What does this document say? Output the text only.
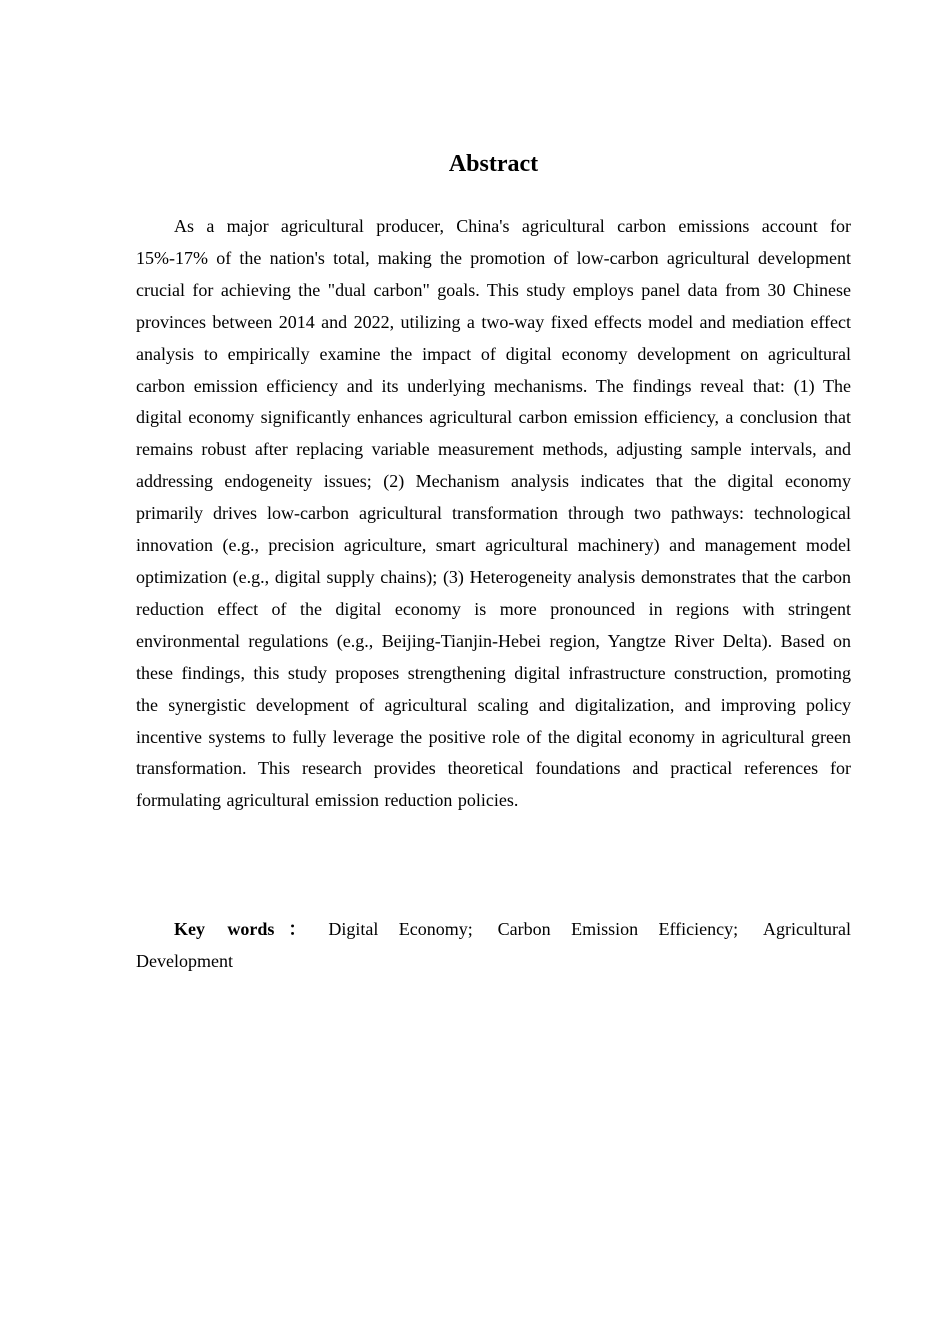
Abstract

As a major agricultural producer, China's agricultural carbon emissions account for 15%-17% of the nation's total, making the promotion of low-carbon agricultural development crucial for achieving the "dual carbon" goals. This study employs panel data from 30 Chinese provinces between 2014 and 2022, utilizing a two-way fixed effects model and mediation effect analysis to empirically examine the impact of digital economy development on agricultural carbon emission efficiency and its underlying mechanisms. The findings reveal that: (1) The digital economy significantly enhances agricultural carbon emission efficiency, a conclusion that remains robust after replacing variable measurement methods, adjusting sample intervals, and addressing endogeneity issues; (2) Mechanism analysis indicates that the digital economy primarily drives low-carbon agricultural transformation through two pathways: technological innovation (e.g., precision agriculture, smart agricultural machinery) and management model optimization (e.g., digital supply chains); (3) Heterogeneity analysis demonstrates that the carbon reduction effect of the digital economy is more pronounced in regions with stringent environmental regulations (e.g., Beijing-Tianjin-Hebei region, Yangtze River Delta). Based on these findings, this study proposes strengthening digital infrastructure construction, promoting the synergistic development of agricultural scaling and digitalization, and improving policy incentive systems to fully leverage the positive role of the digital economy in agricultural green transformation. This research provides theoretical foundations and practical references for formulating agricultural emission reduction policies.

Key words ： Digital Economy; Carbon Emission Efficiency; Agricultural Development
